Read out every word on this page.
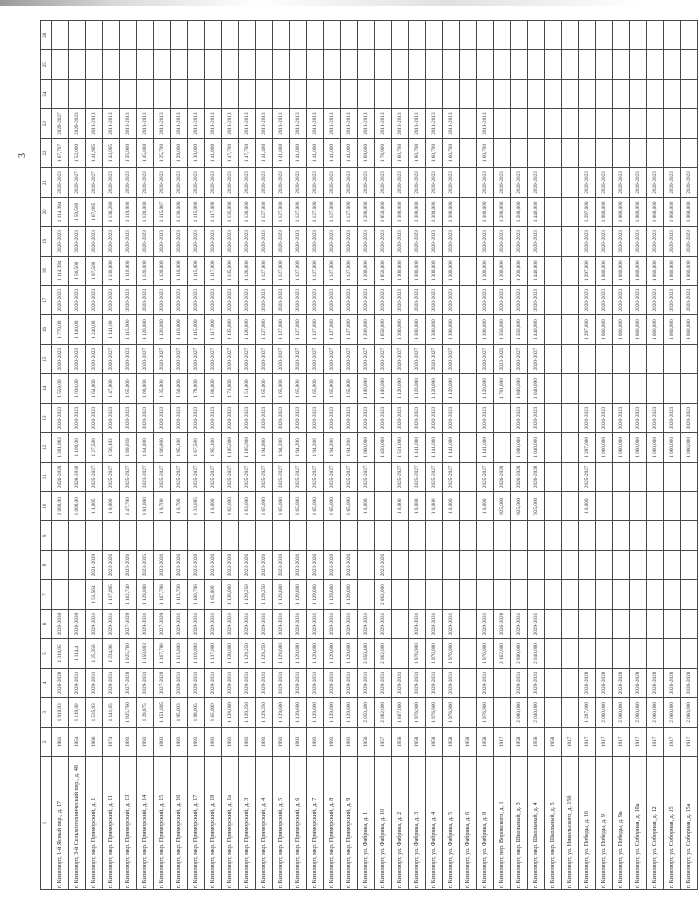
3
1	2	3	4	5	6	7	8	9	10	11	12	13	14	15	16	17	18	19	20	21	22	23	24	25	26
г. Кизилюрт, 1-й Ясный пер., д. 17	1961	1 910,93	2026-2028	1 310,95	2028-2030				2 000,00	2026-2028	1 301,962	2020-2023	1 550,00	2020-2023	1 770,00	2020-2023	1 114 394	2020-2023	1 114 394	2020-2023	1 67,707	2020-2027			
г. Кизилюрт, 3-й Сельхозтехнический пер., д. 48	1954	1 119,00	2029-2031	1 114,4	2028-2030				1 000,00	2028-2030	1 100,00	2020-2023	1 030,00	2020-2023	1 140,00	2020-2023	1 56,500	2020-2023	1 50,500	2020-2027	1 52,000	2020-2023			
г. Кизилюрт, мкр. Приморский, д. 1	1966	1 535,93	2029-2031	1 25,356	2029-2031	1 51,564	2021-2029		1 1,005	2025-2027	1 27,500	2020-2023	1 64,000	2020-2023	1 240,00	2020-2023	1 97,500	2020-2023	1 67,005	2020-2027	1 41,905	2011-2013			
г. Кизилюрт, мкр. Приморский, д. 11	1974	1 141,05	2029-2031	1 234,96	2029-2031	1 137,095	2023-2026		1 0,000	2025-2027	1 56,102	2020-2023	1 47,000	2020-2027	1 141,00	2020-2023	1 130,000	2020-2023	1 136,260	2020-2023	1 43,005	2011-2013			
г. Кизилюрт, мкр. Приморский, д. 13	1993	1 925,760	2027-2029	1 925,760	2027-2029	1 162,740	2023-2026		1 47,700	2025-2027	1 69,059	2020-2023	1 65,000	2020-2023	1 115,000	2020-2023	1 110,000	2020-2023	1 110,000	2020-2023	1 35,900	2011-2013			
г. Кизилюрт, мкр. Приморский, д. 14	1993	1 29,875	2029-2031	1 150,803	2029-2031	1 129,000	2023-2025		1 81,000	2023-2027	1 64,000	2020-2023	1 69,000	2020-2027	1 120,000	2020-2023	1 120,000	2020-2023	1 120,000	2020-2023	1 45,000	2011-2013			
г. Кизилюрт, мкр. Приморский, д. 15	1993	1 151,805	2027-2029	1 167,708	2027-2029	1 167,708	2023-2026		1 0,700	2025-2027	1 86,000	2020-2023	1 35,000	2020-2027	1 120,000	2020-2023	1 120,000	2020-2023	1 115,087	2020-2023	1 25,700	2011-2013			
г. Кизилюрт, мкр. Приморский, д. 16	1993	1 95,003	2029-2031	1 113,000	2029-2031	1 113,700	2023-2026		1 0,700	2025-2027	1 95,100	2020-2023	1 56,000	2020-2027	1 110,000	2020-2023	1 110,000	2020-2023	1 130,000	2020-2023	1 29,000	2011-2013			
г. Кизилюрт, мкр. Приморский, д. 17	1993	1 99,005	2029-2031	1 119,000	2029-2031	1 160,706	2023-2026		1 33,005	2025-2027	1 67,500	2020-2023	1 79,000	2020-2027	1 115,000	2020-2023	1 115,000	2020-2023	1 115,000	2020-2023	1 30,000	2011-2013			
г. Кизилюрт, мкр. Приморский, д. 18	1993	1 65,000	2029-2031	1 137,000	2029-2031	1 65,000	2023-2026		1 0,000	2025-2027	1 95,100	2020-2023	1 86,000	2020-2027	1 117,000	2020-2023	1 117,000	2020-2023	1 117,000	2020-2023	1 41,800	2011-2013			
г. Кизилюрт, мкр. Приморский, д. 1а	1993	1 128,000	2029-2031	1 128,000	2029-2031	1 128,000	2023-2026		1 82,000	2025-2027	1 105,000	2020-2023	1 73,000	2020-2027	1 135,000	2020-2023	1 135,000	2020-2023	1 135,000	2020-2023	1 47,700	2011-2013			
г. Кизилюрт, мкр. Приморский, д. 3	1993	1 129,250	2029-2031	1 129,250	2029-2031	1 129,250	2023-2026		1 63,000	2025-2027	1 105,000	2020-2023	1 51,000	2020-2027	1 126,000	2020-2023	1 126,000	2020-2023	1 126,000	2020-2023	1 47,700	2011-2013			
г. Кизилюрт, мкр. Приморский, д. 4	1993	1 129,250	2029-2031	1 129,250	2029-2031	1 129,250	2023-2026		1 65,000	2025-2027	1 94,000	2020-2023	1 65,000	2020-2027	1 127,000	2020-2023	1 127,000	2020-2023	1 127,000	2020-2023	1 41,400	2011-2013			
г. Кизилюрт, мкр. Приморский, д. 5	1993	1 129,600	2029-2031	1 129,600	2029-2031	1 129,600	2023-2026		1 65,000	2025-2027	1 94,200	2020-2023	1 65,000	2020-2027	1 127,000	2020-2023	1 127,000	2020-2023	1 127,000	2020-2023	1 41,000	2011-2013			
г. Кизилюрт, мкр. Приморский, д. 6	1993	1 129,600	2029-2031	1 129,600	2029-2031	1 129,600	2023-2026		1 65,000	2025-2027	1 94,200	2020-2023	1 65,000	2020-2027	1 127,000	2020-2023	1 127,000	2020-2023	1 127,000	2020-2023	1 41,000	2011-2013			
г. Кизилюрт, мкр. Приморский, д. 7	1993	1 129,600	2029-2031	1 129,600	2029-2031	1 129,600	2023-2026		1 65,000	2025-2027	1 94,200	2020-2023	1 65,000	2020-2027	1 127,000	2020-2023	1 127,000	2020-2023	1 127,000	2020-2023	1 41,000	2011-2013			
г. Кизилюрт, мкр. Приморский, д. 8	1993	1 129,600	2029-2031	1 129,600	2029-2031	1 129,600	2023-2026		1 65,000	2025-2027	1 94,200	2020-2023	1 65,000	2020-2027	1 127,000	2020-2023	1 127,000	2020-2023	1 127,000	2020-2023	1 41,000	2011-2013			
г. Кизилюрт, мкр. Приморский, д. 9	1993	1 129,600	2029-2031	1 129,600	2029-2031	1 129,600	2023-2026		1 65,000	2025-2027	1 94,200	2020-2023	1 65,000	2020-2027	1 127,000	2020-2023	1 127,000	2020-2023	1 127,000	2020-2023	1 41,000	2011-2013			
г. Кизилюрт, ул. Фабрика, д. 1	1956	2 050,400	2029-2031	2 050,400	2029-2031				1 0,000	2025-2027	1 060,000	2020-2023	1 100,000	2020-2027	1 200,000	2020-2023	1 200,000	2020-2023	1 200,000	2020-2023	1 69,600	2011-2013			
г. Кизилюрт, ул. Фабрика, д. 10	1957	2 062,000	2029-2031	2 062,000	2029-2031	2 062,000	2023-2026				1 450,000	2020-2023	1 100,000	2020-2027	1 850,000	2020-2023	1 850,000	2020-2023	1 850,000	2020-2023	1 78,900	2011-2013			
г. Кизилюрт, ул. Фабрика, д. 2	1958	1 807,000	2029-2031						1 0,000	2025-2027	1 511,000	2020-2023	1 120,000	2020-2027	1 300,000	2020-2023	1 300,000	2020-2023	1 300,000	2020-2023	1 60,700	2011-2013			
г. Кизилюрт, ул. Фабрика, д. 3	1958	1 976,900	2029-2031	1 976,900	2029-2031				1 0,000	2025-2027	1 141,000	2020-2023	1 120,000	2020-2027	1 300,000	2020-2023	1 300,000	2020-2023	1 300,000	2020-2023	1 60,700	2011-2013			
г. Кизилюрт, ул. Фабрика, д. 4	1958	1 976,900	2029-2031	1 976,900	2029-2031				1 0,000	2025-2027	1 141,000	2020-2023	1 120,000	2020-2027	1 300,000	2020-2023	1 300,000	2020-2023	1 300,000	2020-2023	1 60,700	2011-2013			
г. Кизилюрт, ул. Фабрика, д. 5	1958	1 976,900	2029-2031	1 976,900	2029-2031				1 0,000	2025-2027	1 141,000	2020-2023	1 120,000	2020-2027	1 300,000	2020-2023	1 300,000	2020-2023	1 300,000	2020-2023	1 60,700	2011-2013			
г. Кизилюрт, ул. Фабрика, д. 6	1958																								
г. Кизилюрт, ул. Фабрика, д. 8	1958	1 976,900	2029-2031	1 976,900	2029-2031				1 0,000	2025-2027	1 141,000	2020-2023	1 120,000	2020-2027	1 300,000	2020-2023	1 300,000	2020-2023	1 300,000	2020-2023	1 60,700	2011-2013			
г. Кизилюрт, пер. Воровского, д. 1	1917			2 162,000	2026-2028				925,000	2026-2028			1 701,000	2023-2025	1 350,000	2020-2023	1 200,000	2020-2023	1 200,000	2020-2023					
г. Кизилюрт, мкр. Школьный, д. 3	1958	2 000,000	2029-2031	2 000,000	2029-2031				925,000	2026-2028	1 000,000	2020-2023	1 000,000	2020-2027	1 350,000	2020-2023	1 200,000	2020-2023	1 200,000	2020-2023					
г. Кизилюрт, мкр. Школьный, д. 4	1958	2 040,000	2029-2031	2 040,000	2029-2031				925,000	2026-2028	1 040,000	2020-2023	1 040,000	2020-2027	1 440,000	2020-2023	1 440,000	2020-2023	1 440,000	2020-2023					
г. Кизилюрт, мкр. Школьный, д. 5	1958																								
г. Кизилюрт, ул. Никольского, д. 15б	1917																								
г. Кизилюрт, ул. Победы, д. 16	1917	1 297,000	2026-2028						1 0,000	2025-2027	1 297,000	2020-2023			1 297,000	2020-2023	1 297,000	2020-2023	1 297,000	2020-2023					
г. Кизилюрт, ул. Победы, д. 9	1917	2 060,000	2026-2028								1 060,000	2020-2023			1 060,000	2020-2023	1 060,000	2020-2023	1 060,000	2020-2023					
г. Кизилюрт, ул. Победы, д. 9а	1917	2 060,000	2026-2028								1 060,000	2020-2023			1 060,000	2020-2023	1 060,000	2020-2023	1 060,000	2020-2023					
г. Кизилюрт, ул. Соборная, д. 10а	1917	2 060,000	2026-2028								1 060,000	2020-2023			1 060,000	2020-2023	1 060,000	2020-2023	1 060,000	2020-2023					
г. Кизилюрт, ул. Соборная, д. 12	1917	2 060,000	2026-2028								1 060,000	2020-2023			1 060,000	2020-2023	1 060,000	2020-2023	1 060,000	2020-2023					
г. Кизилюрт, ул. Соборная, д. 15	1917	2 060,000	2026-2028								1 060,000	2020-2023			1 060,000	2020-2023	1 060,000	2020-2023	1 060,000	2020-2023					
г. Кизилюрт, ул. Соборная, д. 15а	1917	2 060,000	2026-2028								1 060,000	2020-2023			1 060,000	2020-2023	1 060,000	2020-2023	1 060,000	2020-2023					
